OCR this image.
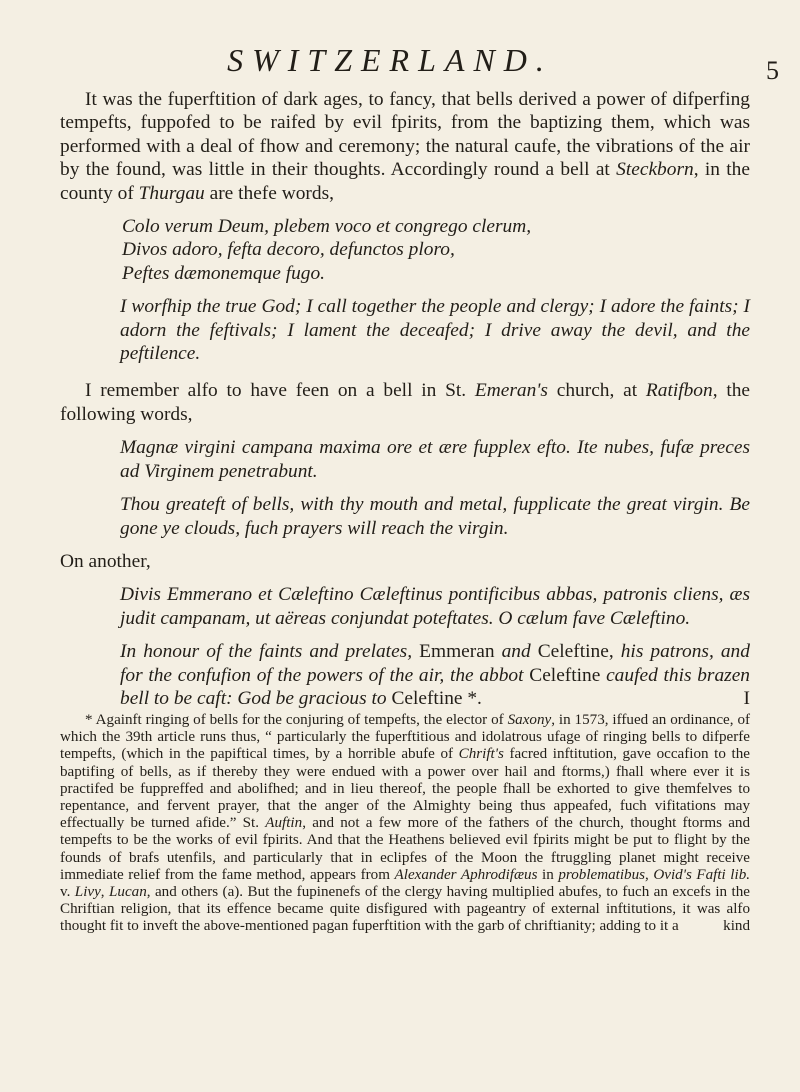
SWITZERLAND.	5

It was the fuperftition of dark ages, to fancy, that bells derived a power of difperfing tempefts, fuppofed to be raifed by evil fpirits, from the baptizing them, which was performed with a deal of fhow and ceremony; the natural caufe, the vibrations of the air by the found, was little in their thoughts. Accordingly round a bell at Steckborn, in the county of Thurgau are thefe words,

Colo verum Deum, plebem voco et congrego clerum,

Divos adoro, fefta decoro, defunctos ploro,

Peftes dæmonemque fugo.

I worfhip the true God; I call together the people and clergy; I adore the faints; I adorn the feftivals; I lament the deceafed; I drive away the devil, and the peftilence.

I remember alfo to have feen on a bell in St. Emeran's church, at Ratifbon, the following words,

Magnæ virgini campana maxima ore et ære fupplex efto. Ite nubes, fufæ preces ad Virginem penetrabunt.

Thou greateft of bells, with thy mouth and metal, fupplicate the great virgin. Be gone ye clouds, fuch prayers will reach the virgin.

On another,

Divis Emmerano et Cæleftino Cæleftinus pontificibus abbas, patronis cliens, æs judit campanam, ut aëreas conjundat poteftates. O cælum fave Cæleftino.

In honour of the faints and prelates, Emmeran and Celeftine, his patrons, and for the confufion of the powers of the air, the abbot Celeftine caufed this brazen bell to be caft: God be gracious to Celeftine *.	I

* Againft ringing of bells for the conjuring of tempefts, the elector of Saxony, in 1573, iffued an ordinance, of which the 39th article runs thus, “ particularly the fuperftitious and idolatrous ufage of ringing bells to difperfe tempefts, (which in the papiftical times, by a horrible abufe of Chrift's facred inftitution, gave occafion to the baptifing of bells, as if thereby they were endued with a power over hail and ftorms,) fhall where ever it is practifed be fuppreffed and abolifhed; and in lieu thereof, the people fhall be exhorted to give themfelves to repentance, and fervent prayer, that the anger of the Almighty being thus appeafed, fuch vifitations may effectually be turned afide.” St. Auftin, and not a few more of the fathers of the church, thought ftorms and tempefts to be the works of evil fpirits. And that the Heathens believed evil fpirits might be put to flight by the founds of brafs utenfils, and particularly that in eclipfes of the Moon the ftruggling planet might receive immediate relief from the fame method, appears from Alexander Aphrodifæus in problematibus, Ovid's Fafti lib. v. Livy, Lucan, and others (a). But the fupinenefs of the clergy having multiplied abufes, to fuch an excefs in the Chriftian religion, that its effence became quite disfigured with pageantry of external inftitutions, it was alfo thought fit to inveft the above-mentioned pagan fuperftition with the garb of chriftianity; adding to it a	kind
